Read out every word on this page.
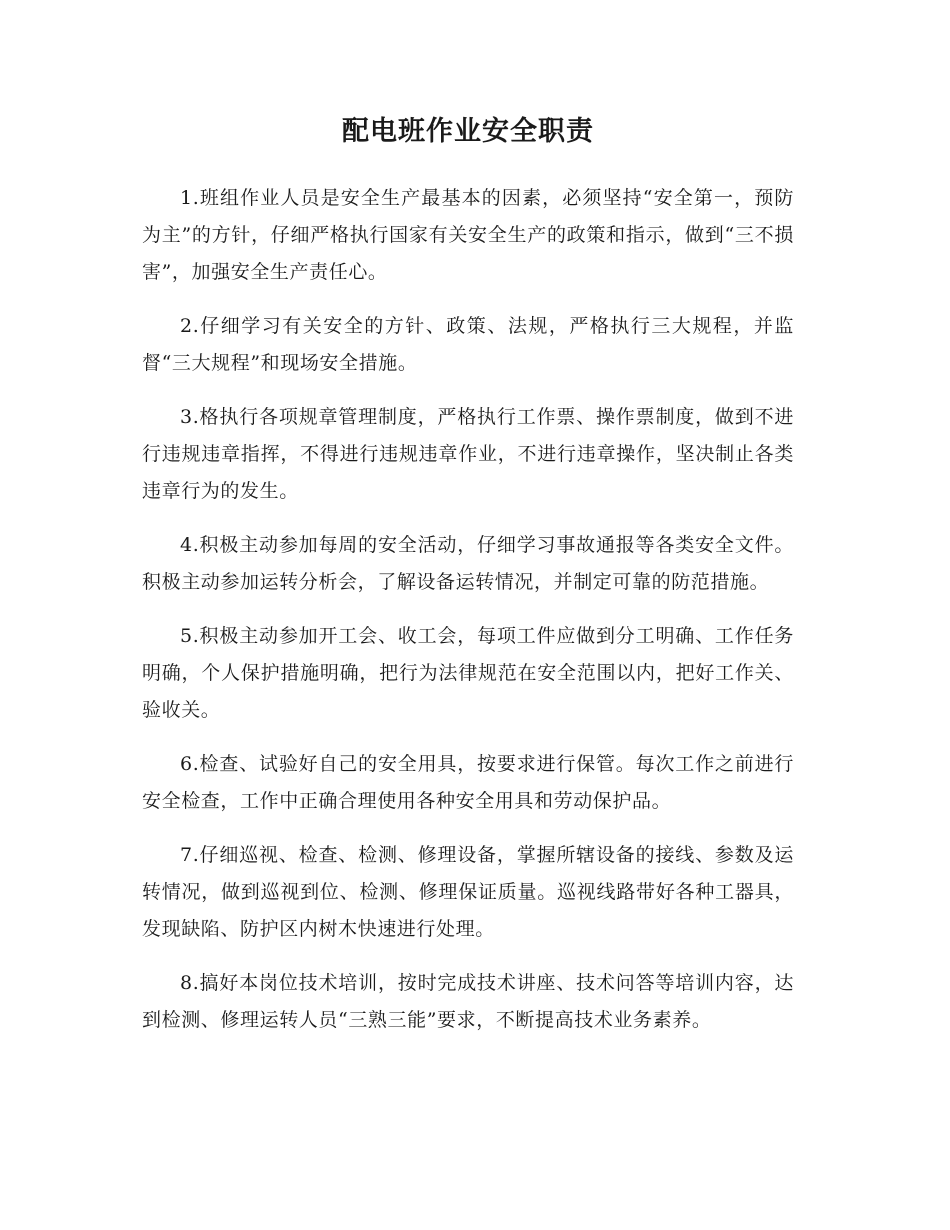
配电班作业安全职责

1.班组作业人员是安全生产最基本的因素，必须坚持“安全第一，预防为主”的方针，仔细严格执行国家有关安全生产的政策和指示，做到“三不损害”，加强安全生产责任心。

2.仔细学习有关安全的方针、政策、法规，严格执行三大规程，并监督“三大规程”和现场安全措施。

3.格执行各项规章管理制度，严格执行工作票、操作票制度，做到不进行违规违章指挥，不得进行违规违章作业，不进行违章操作，坚决制止各类违章行为的发生。

4.积极主动参加每周的安全活动，仔细学习事故通报等各类安全文件。积极主动参加运转分析会，了解设备运转情况，并制定可靠的防范措施。

5.积极主动参加开工会、收工会，每项工件应做到分工明确、工作任务明确，个人保护措施明确，把行为法律规范在安全范围以内，把好工作关、验收关。

6.检查、试验好自己的安全用具，按要求进行保管。每次工作之前进行安全检查，工作中正确合理使用各种安全用具和劳动保护品。

7.仔细巡视、检查、检测、修理设备，掌握所辖设备的接线、参数及运转情况，做到巡视到位、检测、修理保证质量。巡视线路带好各种工器具，发现缺陷、防护区内树木快速进行处理。

8.搞好本岗位技术培训，按时完成技术讲座、技术问答等培训内容，达到检测、修理运转人员“三熟三能”要求，不断提高技术业务素养。
